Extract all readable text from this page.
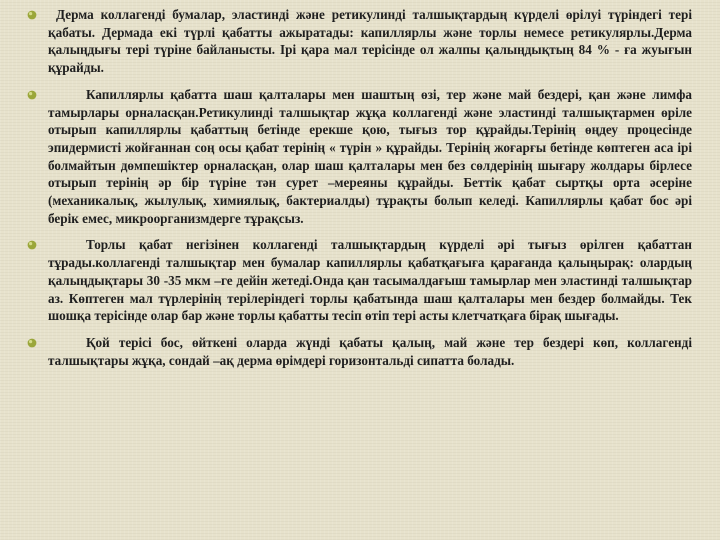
Дерма коллагенді бумалар, эластинді және ретикулинді талшықтардың күрделі өрілуі түріндегі тері қабаты. Дермада екі түрлі қабатты ажыратады: капиллярлы және торлы немесе ретикулярлы.Дерма қалыңдығы тері түріне байланысты. Ірі қара мал терісінде ол жалпы қалыңдықтың 84 % - ға жуығын құрайды.

Капиллярлы қабатта шаш қалталары мен шаштың өзі, тер және май бездері, қан және лимфа тамырлары орналасқан.Ретикулинді талшықтар жұқа коллагенді және эластинді талшықтармен өріле отырып капиллярлы қабаттың бетінде ерекше қою, тығыз тор құрайды.Терінің өңдеу процесінде эпидермисті жойғаннан соң осы қабат терінің « түрін » құрайды. Терінің жоғарғы бетінде көптеген аса ірі болмайтын дөмпешіктер орналасқан, олар шаш қалталары мен без сөлдерінің шығару жолдары бірлесе отырып терінің әр бір түріне тән сурет –мереяны құрайды. Беттік қабат сыртқы орта әсеріне (механикалық, жылулық, химиялық, бактериалды) тұрақты болып келеді. Капиллярлы қабат бос әрі берік емес, микроорганизмдерге тұрақсыз.

Торлы қабат негізінен коллагенді талшықтардың күрделі әрі тығыз өрілген қабаттан тұрады.коллагенді талшықтар мен бумалар капиллярлы қабатқағыға қарағанда қалыңырақ: олардың қалыңдықтары 30 -35 мкм –ге дейін жетеді.Онда қан тасымалдағыш тамырлар мен эластинді талшықтар аз. Көптеген мал түрлерінің терілеріндегі торлы қабатында шаш қалталары мен бездер болмайды. Тек шошқа терісінде олар бар және торлы қабатты тесіп өтіп тері асты клетчатқаға бірақ шығады.

Қой терісі бос, өйткені оларда жүнді қабаты қалың, май және тер бездері көп, коллагенді талшықтары жұқа, сондай –ақ дерма өрімдері горизонтальді сипатта болады.
